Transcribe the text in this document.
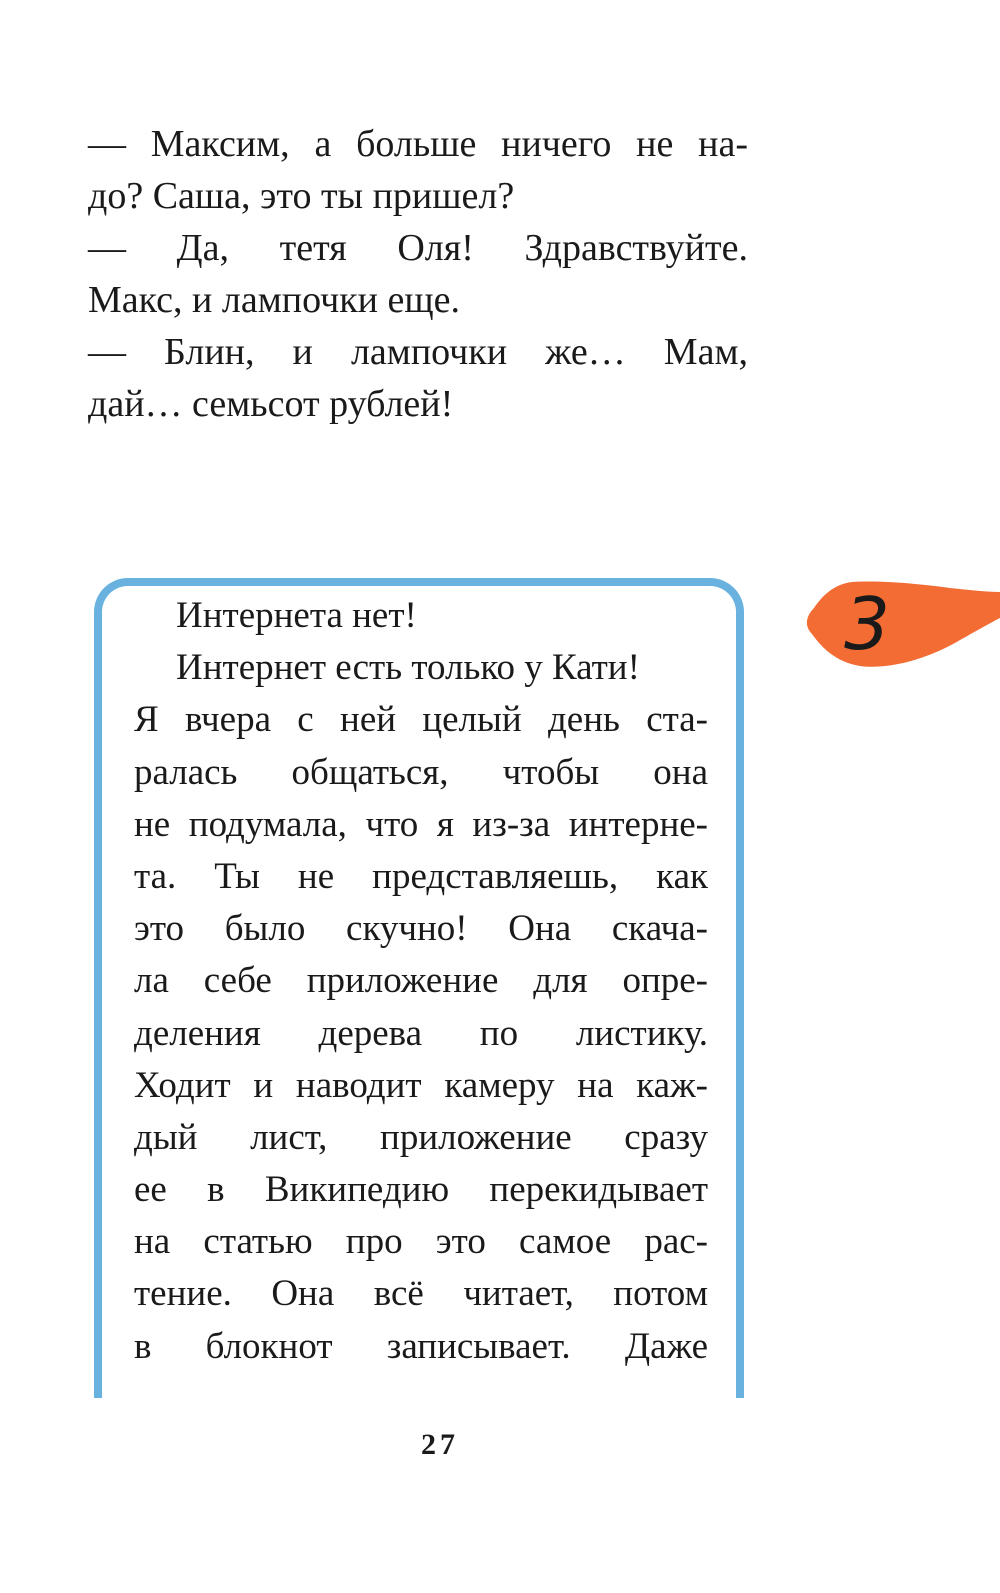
— Максим, а больше ничего не на-
до? Саша, это ты пришел?
— Да, тетя Оля! Здравствуйте.
Макс, и лампочки еще.
— Блин, и лампочки же… Мам,
дай… семьсот рублей!
Интернета нет!
Интернет есть только у Кати!
Я вчера с ней целый день ста-
ралась общаться, чтобы она
не подумала, что я из-за интерне-
та. Ты не представляешь, как
это было скучно! Она скача-
ла себе приложение для опре-
деления дерева по листику.
Ходит и наводит камеру на каж-
дый лист, приложение сразу
ее в Википедию перекидывает
на статью про это самое рас-
тение. Она всё читает, потом
в блокнот записывает. Даже
3
27
